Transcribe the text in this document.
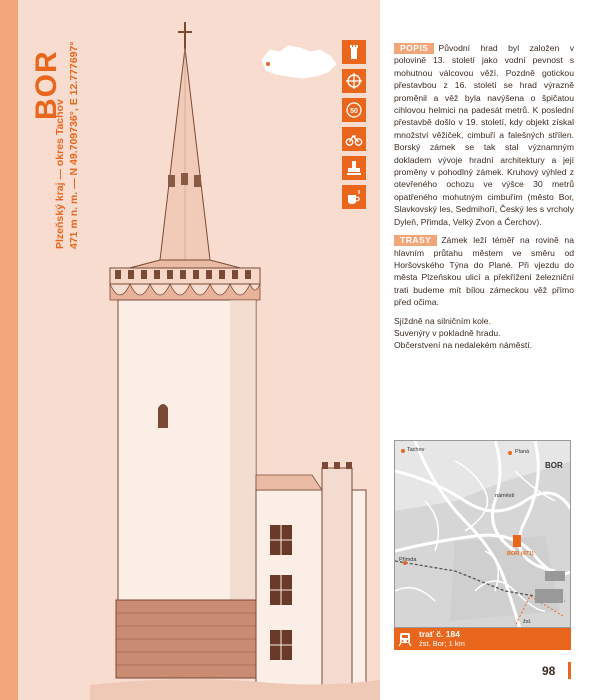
BOR
Plzeňský kraj — okres Tachov 471 m n. m. — N 49.709736°, E 12.777697°	50

POPIS Původní hrad byl založen v polovině 13. století jako vodní pevnost s mohutnou válcovou věží. Pozdně gotickou přestavbou z 16. století se hrad výrazně proměnil a věž byla navýšena o špičatou cihlovou helmici na padesát metrů. K poslední přestavbě došlo v 19. století, kdy objekt získal množství věžiček, cimbuří a falešných střílen. Borský zámek se tak stal významným dokladem vývoje hradní architektury a její proměny v pohodlný zámek. Kruhový výhled z otevřeného ochozu ve výšce 30 metrů opatřeného mohutným cimbuřím (město Bor, Slavkovský les, Sedmihoří, Český les s vrcholy Dyleň, Přimda, Velký Zvon a Čerchov).

TRASY Zámek leží téměř na rovině na hlavním průtahu městem ve směru od Horšovského Týna do Plané. Při vjezdu do města Plzeňskou ulicí a překřížení železniční trati budeme mít bílou zámeckou věž přímo před očima.

Sjíždně na silničním kole.
Suvenýry v pokladně hradu.
Občerstvení na nedalekém náměstí.
Tachov	Planá
BOR
náměstí
Přimda
BOR (471)
žst.
trať č. 184
žst. Bor; 1 km
98
